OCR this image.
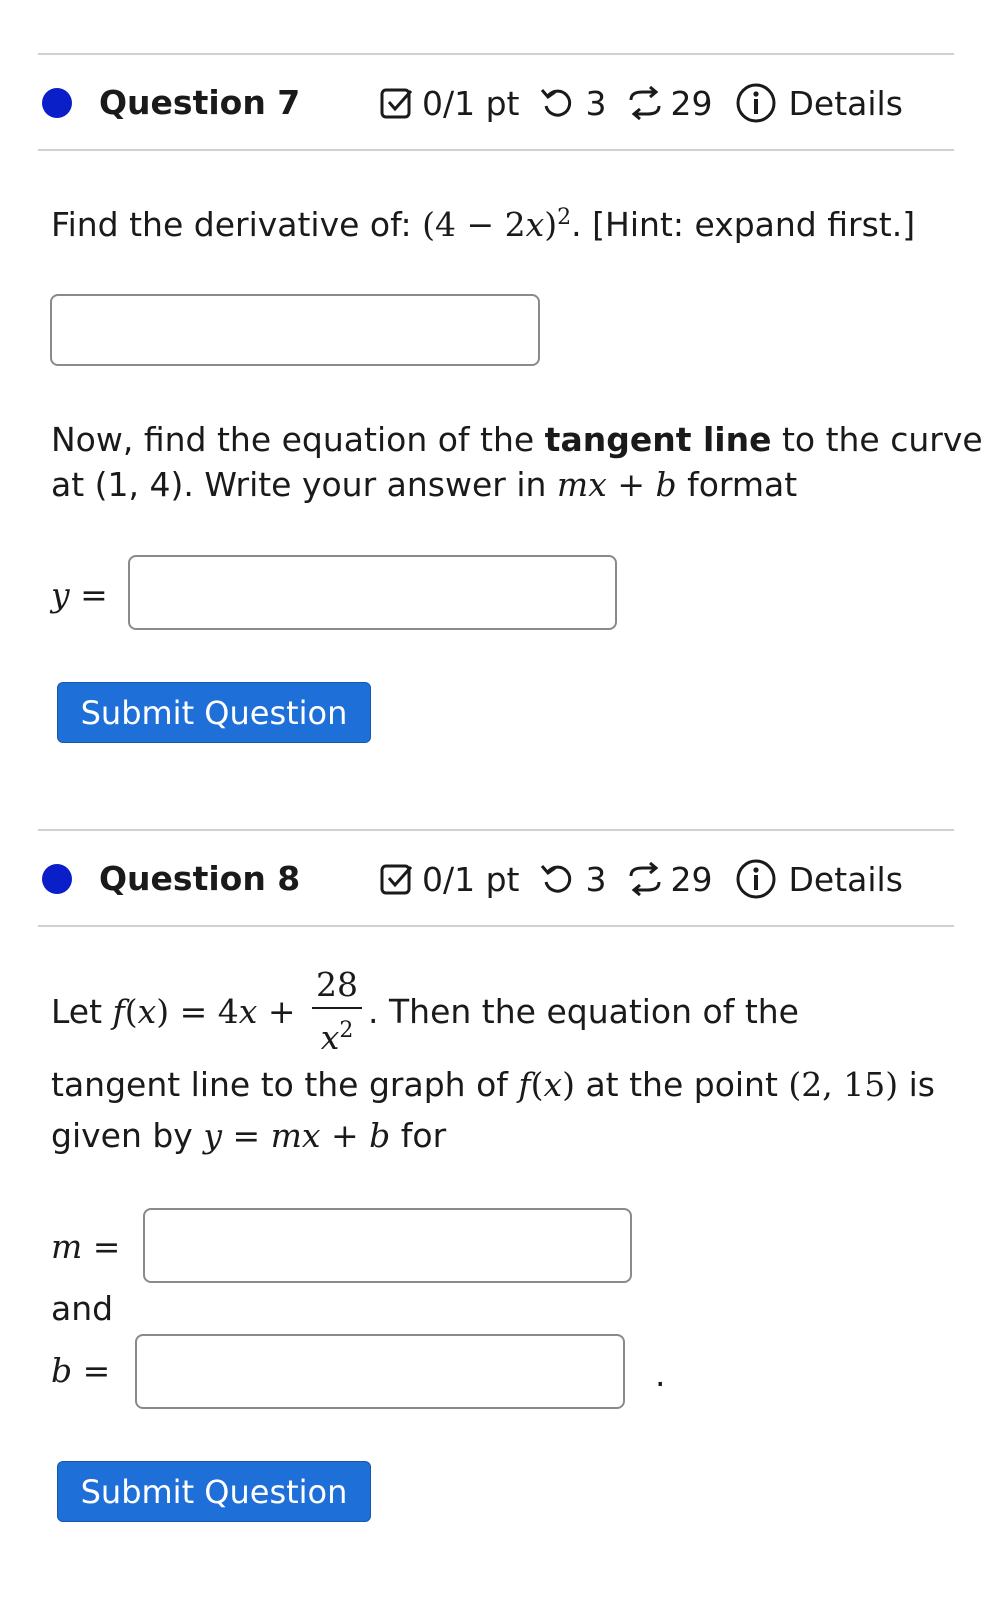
Question 7	0/1 pt 3 29 Details
Find the derivative of: $(4 - 2x)^2$. [Hint: expand first.]
Now, find the equation of the tangent line to the curve
at (1, 4). Write your answer in mx + b format
y =
Submit Question
Question 8	0/1 pt 3 29 Details
Let $f(x) = 4x + \frac{28}{x^2}$ . Then the equation of the
tangent line to the graph of f(x) at the point (2, 15) is
given by y = mx + b for
m =
and
b =	.
Submit Question
